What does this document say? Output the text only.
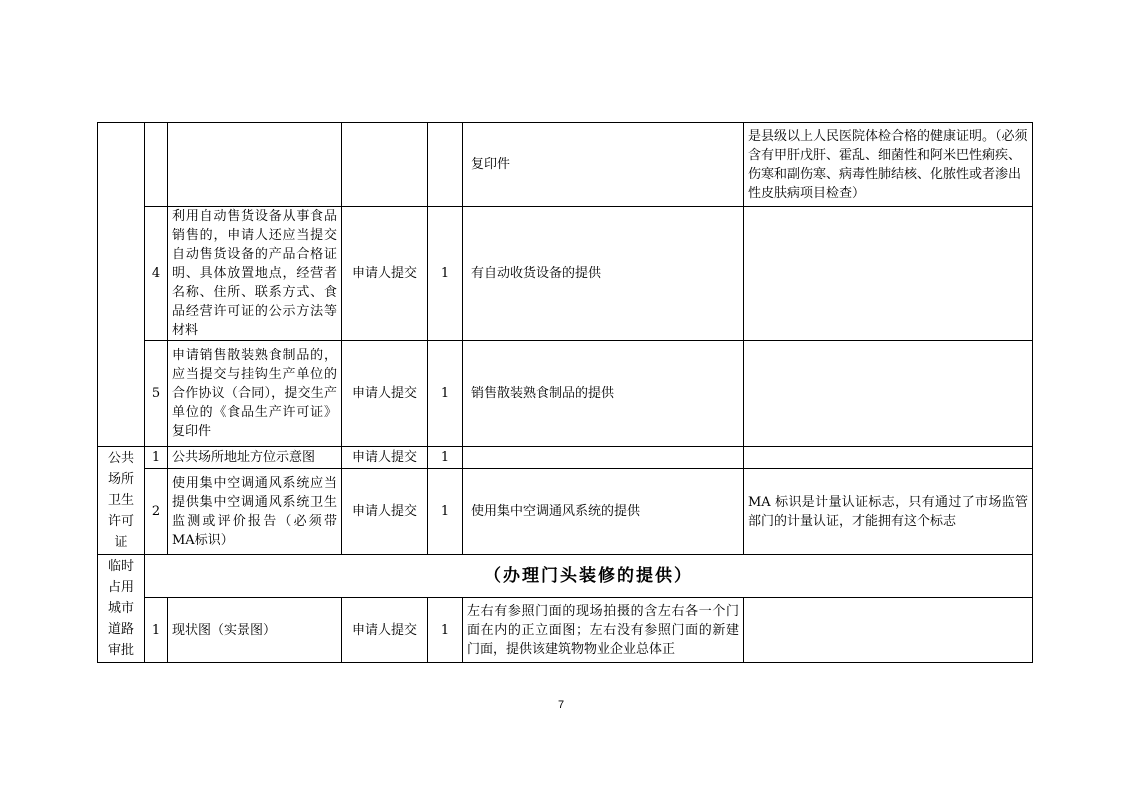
					复印件	是县级以上人民医院体检合格的健康证明。（必须含有甲肝戊肝、霍乱、细菌性和阿米巴性痢疾、伤寒和副伤寒、病毒性肺结核、化脓性或者渗出性皮肤病项目检查）
	4	利用自动售货设备从事食品销售的，申请人还应当提交自动售货设备的产品合格证明、具体放置地点，经营者名称、住所、联系方式、食品经营许可证的公示方法等材料	申请人提交	1	有自动收货设备的提供	
	5	申请销售散装熟食制品的，应当提交与挂钩生产单位的合作协议（合同），提交生产单位的《食品生产许可证》复印件	申请人提交	1	销售散装熟食制品的提供	
公共场所卫生许可证	1	公共场所地址方位示意图	申请人提交	1		
	2	使用集中空调通风系统应当提供集中空调通风系统卫生监测或评价报告（必须带MA标识）	申请人提交	1	使用集中空调通风系统的提供	MA 标识是计量认证标志，只有通过了市场监管部门的计量认证，才能拥有这个标志
临时占用城市道路审批	（办理门头装修的提供）					
	1	现状图（实景图）	申请人提交	1	左右有参照门面的现场拍摄的含左右各一个门面在内的正立面图；左右没有参照门面的新建门面，提供该建筑物物业企业总体正	
7
